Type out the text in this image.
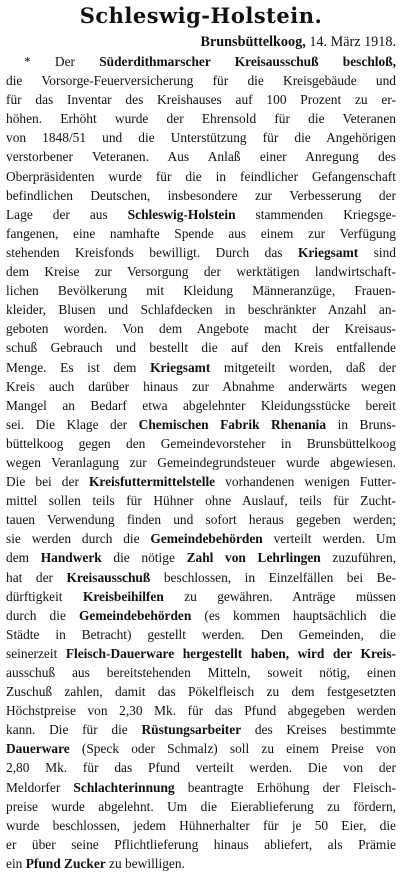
Schleswig-Holstein.
Brunsbüttelkoog, 14. März 1918.
* Der Süderdithmarscher Kreisausschuß beschloß,
die Vorsorge-Feuerversicherung für die Kreisgebäude und
für das Inventar des Kreishauses auf 100 Prozent zu er-
höhen. Erhöht wurde der Ehrensold für die Veteranen
von 1848/51 und die Unterstützung für die Angehörigen
verstorbener Veteranen. Aus Anlaß einer Anregung des
Oberpräsidenten wurde für die in feindlicher Gefangenschaft
befindlichen Deutschen, insbesondere zur Verbesserung der
Lage der aus Schleswig-Holstein stammenden Kriegsge-
fangenen, eine namhafte Spende aus einem zur Verfügung
stehenden Kreisfonds bewilligt. Durch das Kriegsamt sind
dem Kreise zur Versorgung der werktätigen landwirtschaft-
lichen Bevölkerung mit Kleidung Männeranzüge, Frauen-
kleider, Blusen und Schlafdecken in beschränkter Anzahl an-
geboten worden. Von dem Angebote macht der Kreisaus-
schuß Gebrauch und bestellt die auf den Kreis entfallende
Menge. Es ist dem Kriegsamt mitgeteilt worden, daß der
Kreis auch darüber hinaus zur Abnahme anderwärts wegen
Mangel an Bedarf etwa abgelehnter Kleidungsstücke bereit
sei. Die Klage der Chemischen Fabrik Rhenania in Bruns-
büttelkoog gegen den Gemeindevorsteher in Brunsbüttelkoog
wegen Veranlagung zur Gemeindegrundsteuer wurde abgewiesen.
Die bei der Kreisfuttermittelstelle vorhandenen wenigen Futter-
mittel sollen teils für Hühner ohne Auslauf, teils für Zucht-
tauen Verwendung finden und sofort heraus gegeben werden;
sie werden durch die Gemeindebehörden verteilt werden. Um
dem Handwerk die nötige Zahl von Lehrlingen zuzuführen,
hat der Kreisausschuß beschlossen, in Einzelfällen bei Be-
dürftigkeit Kreisbeihilfen zu gewähren. Anträge müssen
durch die Gemeindebehörden (es kommen hauptsächlich die
Städte in Betracht) gestellt werden. Den Gemeinden, die
seinerzeit Fleisch-Dauerware hergestellt haben, wird der Kreis-
ausschuß aus bereitstehenden Mitteln, soweit nötig, einen
Zuschuß zahlen, damit das Pökelfleisch zu dem festgesetzten
Höchstpreise von 2,30 Mk. für das Pfund abgegeben werden
kann. Die für die Rüstungsarbeiter des Kreises bestimmte
Dauerware (Speck oder Schmalz) soll zu einem Preise von
2,80 Mk. für das Pfund verteilt werden. Die von der
Meldorfer Schlachterinnung beantragte Erhöhung der Fleisch-
preise wurde abgelehnt. Um die Eierablieferung zu fördern,
wurde beschlossen, jedem Hühnerhalter für je 50 Eier, die
er über seine Pflichtlieferung hinaus abliefert, als Prämie
ein Pfund Zucker zu bewilligen.
